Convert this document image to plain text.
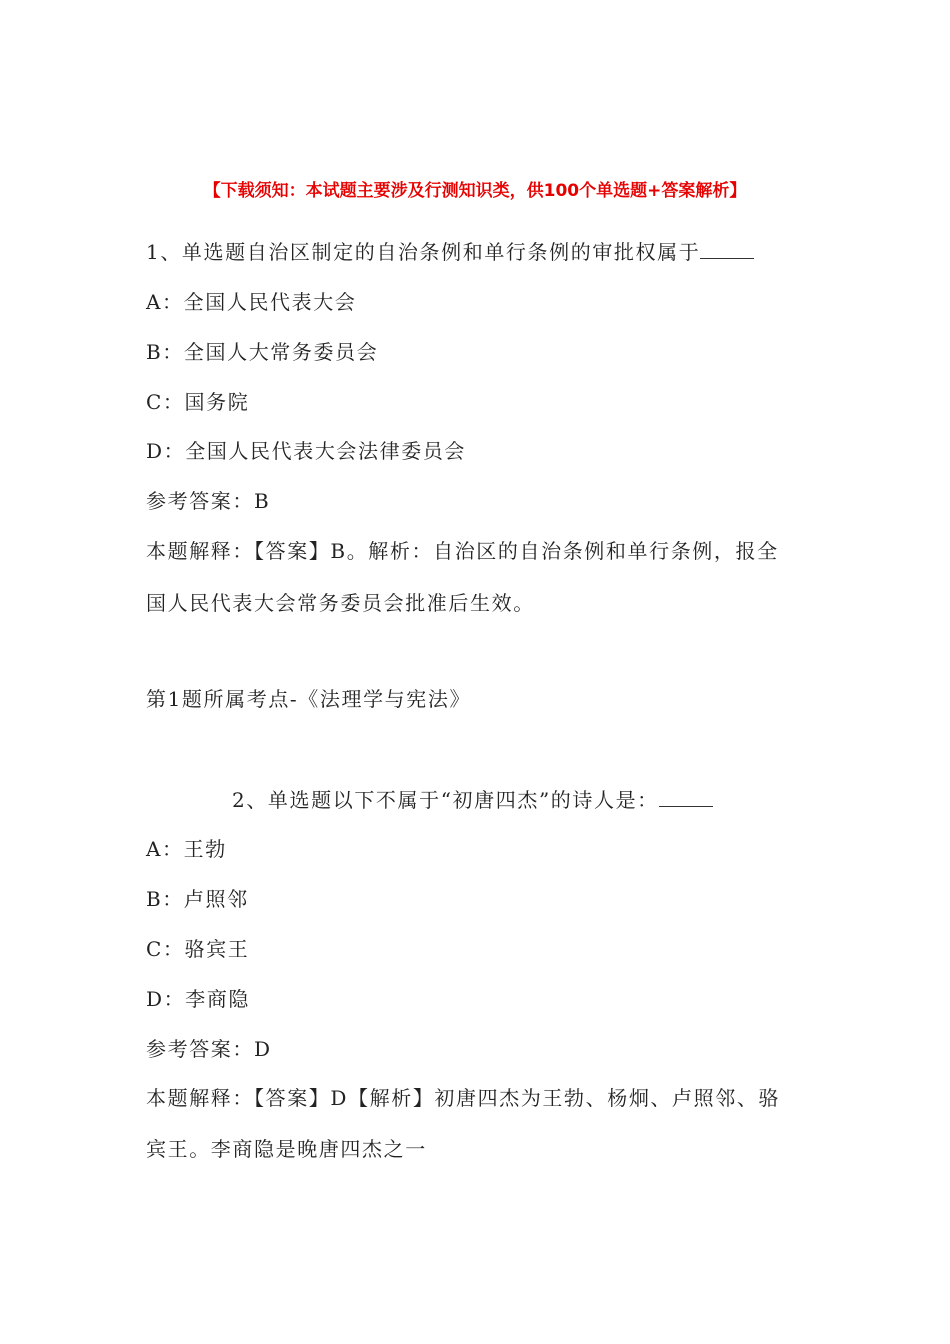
【下载须知：本试题主要涉及行测知识类，供100个单选题+答案解析】
1、单选题自治区制定的自治条例和单行条例的审批权属于
A：全国人民代表大会
B：全国人大常务委员会
C：国务院
D：全国人民代表大会法律委员会
参考答案：B
本题解释：【答案】B。解析：自治区的自治条例和单行条例，报全
国人民代表大会常务委员会批准后生效。
第1题所属考点-《法理学与宪法》
2、单选题以下不属于“初唐四杰”的诗人是：
A：王勃
B：卢照邻
C：骆宾王
D：李商隐
参考答案：D
本题解释：【答案】D【解析】初唐四杰为王勃、杨炯、卢照邻、骆
宾王。李商隐是晚唐四杰之一
